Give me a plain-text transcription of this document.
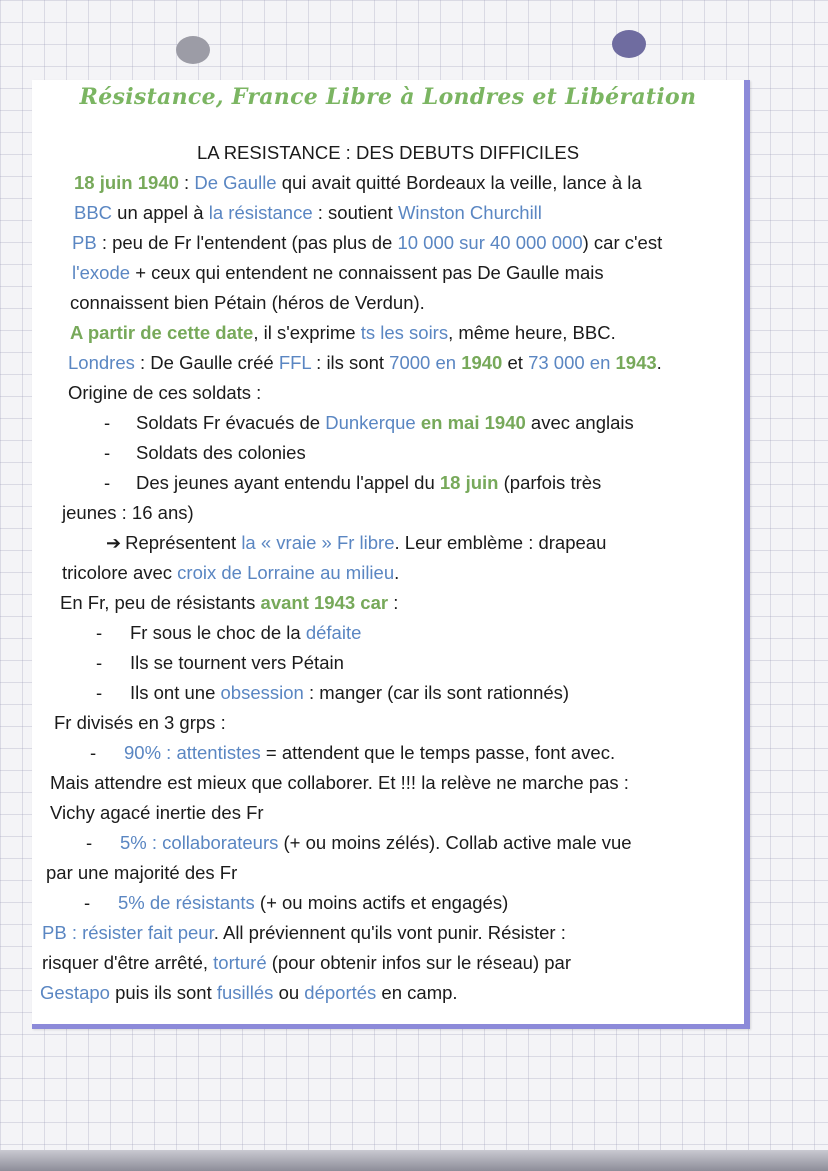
Résistance, France Libre à Londres et Libération
LA RESISTANCE : DES DEBUTS DIFFICILES
18 juin 1940 : De Gaulle qui avait quitté Bordeaux la veille, lance à la
BBC un appel à la résistance : soutient Winston Churchill
PB : peu de Fr l'entendent (pas plus de 10 000 sur 40 000 000) car c'est
l'exode + ceux qui entendent ne connaissent pas De Gaulle mais
connaissent bien Pétain (héros de Verdun).
A partir de cette date, il s'exprime ts les soirs, même heure, BBC.
Londres : De Gaulle créé FFL : ils sont 7000 en 1940 et 73 000 en 1943.
Origine de ces soldats :
- Soldats Fr évacués de Dunkerque en mai 1940 avec anglais
- Soldats des colonies
- Des jeunes ayant entendu l'appel du 18 juin (parfois très
jeunes : 16 ans)
➔ Représentent la « vraie » Fr libre. Leur emblème : drapeau
tricolore avec croix de Lorraine au milieu.
En Fr, peu de résistants avant 1943 car :
- Fr sous le choc de la défaite
- Ils se tournent vers Pétain
- Ils ont une obsession : manger (car ils sont rationnés)
Fr divisés en 3 grps :
- 90% : attentistes = attendent que le temps passe, font avec.
Mais attendre est mieux que collaborer. Et !!! la relève ne marche pas :
Vichy agacé inertie des Fr
- 5% : collaborateurs (+ ou moins zélés). Collab active male vue
par une majorité des Fr
- 5% de résistants (+ ou moins actifs et engagés)
PB : résister fait peur. All préviennent qu'ils vont punir. Résister :
risquer d'être arrêté, torturé (pour obtenir infos sur le réseau) par
Gestapo puis ils sont fusillés ou déportés en camp.
